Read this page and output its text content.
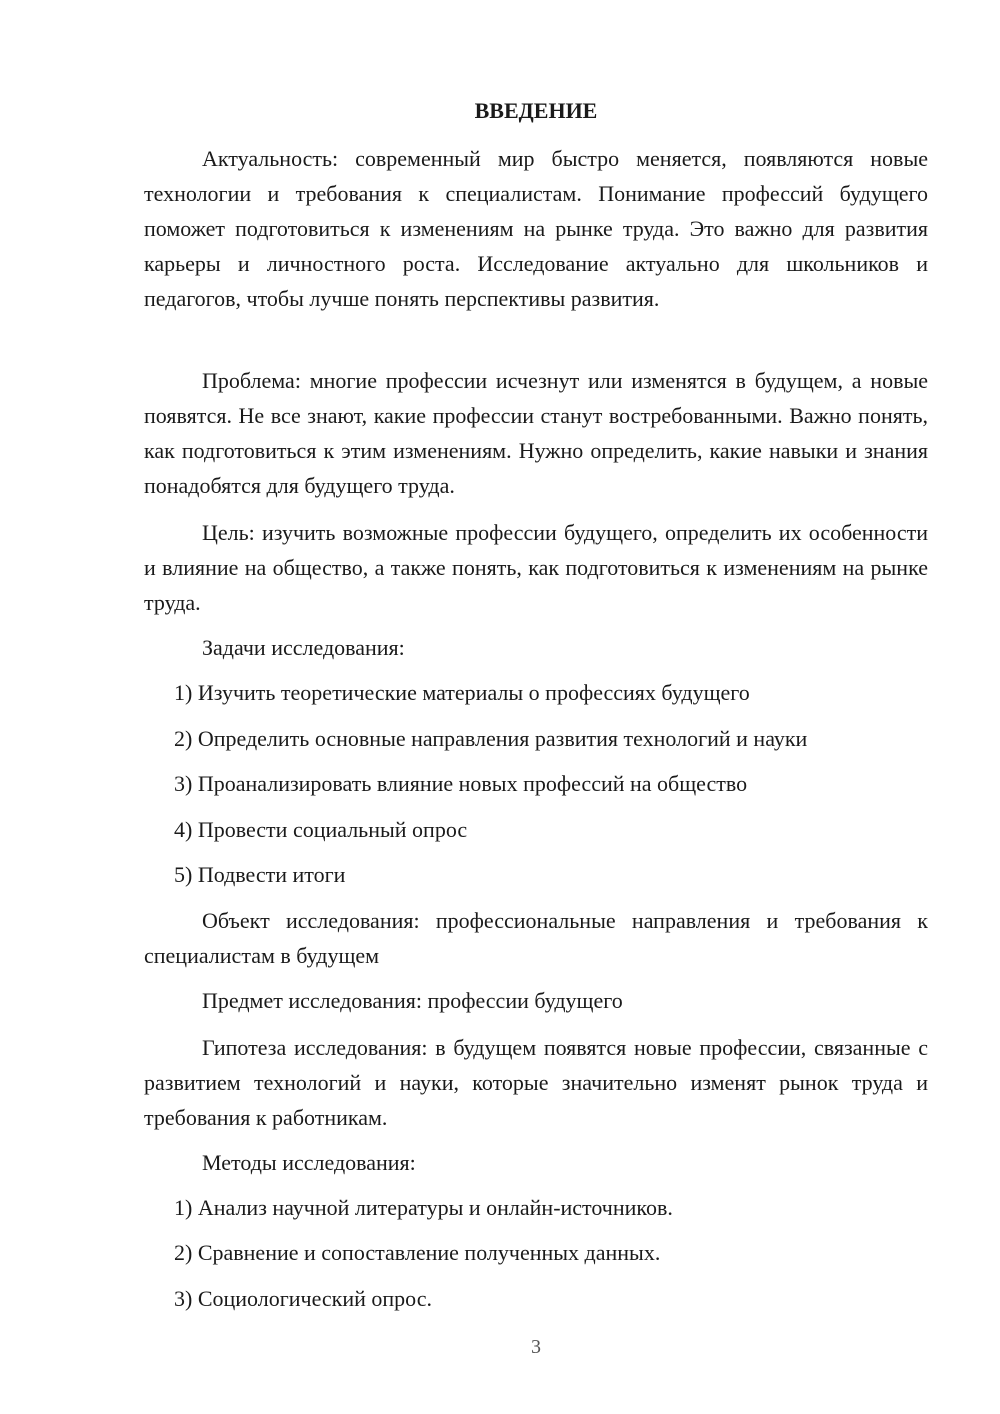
ВВЕДЕНИЕ

Актуальность: современный мир быстро меняется, появляются новые технологии и требования к специалистам. Понимание профессий будущего поможет подготовиться к изменениям на рынке труда. Это важно для развития карьеры и личностного роста. Исследование актуально для школьников и педагогов, чтобы лучше понять перспективы развития.

Проблема: многие профессии исчезнут или изменятся в будущем, а новые появятся. Не все знают, какие профессии станут востребованными. Важно понять, как подготовиться к этим изменениям. Нужно определить, какие навыки и знания понадобятся для будущего труда.

Цель: изучить возможные профессии будущего, определить их особенности и влияние на общество, а также понять, как подготовиться к изменениям на рынке труда.

Задачи исследования:
1) Изучить теоретические материалы о профессиях будущего
2) Определить основные направления развития технологий и науки
3) Проанализировать влияние новых профессий на общество
4) Провести социальный опрос
5) Подвести итоги

Объект исследования: профессиональные направления и требования к специалистам в будущем

Предмет исследования: профессии будущего

Гипотеза исследования: в будущем появятся новые профессии, связанные с развитием технологий и науки, которые значительно изменят рынок труда и требования к работникам.

Методы исследования:
1) Анализ научной литературы и онлайн-источников.
2) Сравнение и сопоставление полученных данных.
3) Социологический опрос.
3
